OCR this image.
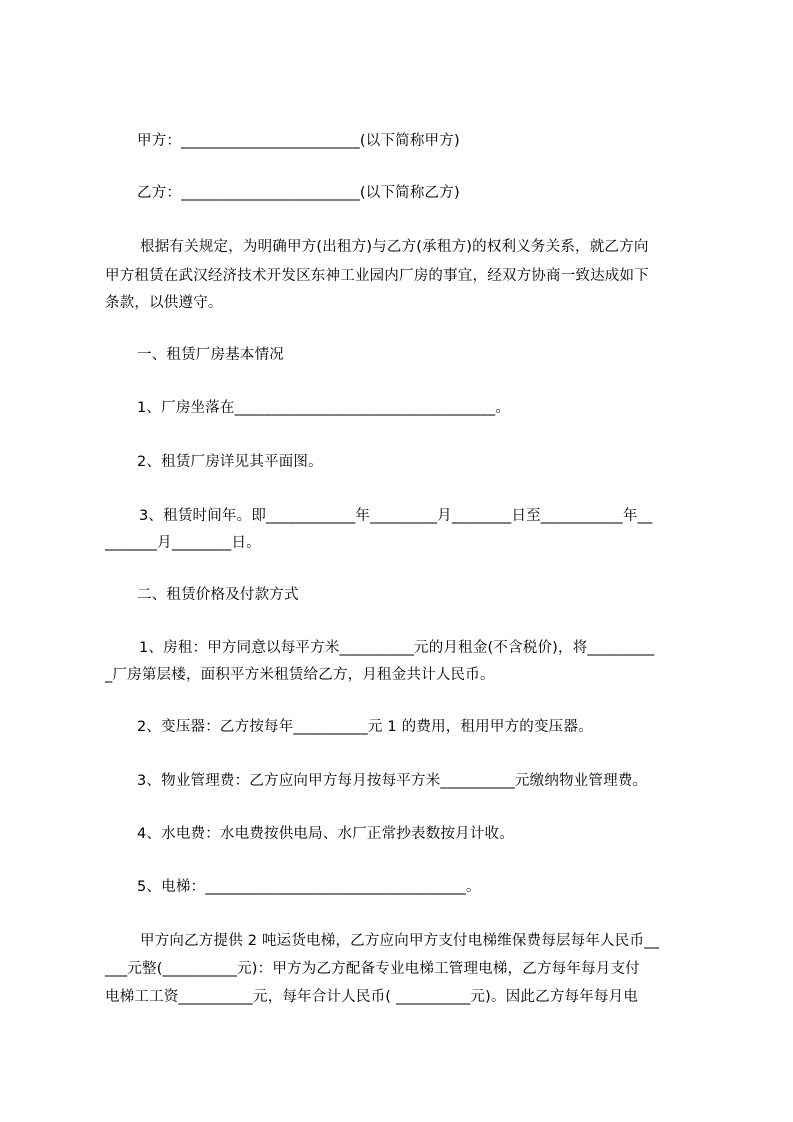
甲方：________________________(以下简称甲方)
乙方：________________________(以下简称乙方)
根据有关规定，为明确甲方(出租方)与乙方(承租方)的权利义务关系，就乙方向
甲方租赁在武汉经济技术开发区东神工业园内厂房的事宜，经双方协商一致达成如下
条款，以供遵守。
一、租赁厂房基本情况
1、厂房坐落在___________________________________。
2、租赁厂房详见其平面图。
3、租赁时间年。即____________年_________月________日至___________年__
_______月________日。
二、租赁价格及付款方式
1、房租：甲方同意以每平方米__________元的月租金(不含税价)，将_________
_厂房第层楼，面积平方米租赁给乙方，月租金共计人民币。
2、变压器：乙方按每年__________元 1 的费用，租用甲方的变压器。
3、物业管理费：乙方应向甲方每月按每平方米__________元缴纳物业管理费。
4、水电费：水电费按供电局、水厂正常抄表数按月计收。
5、电梯：___________________________________。
甲方向乙方提供 2 吨运货电梯，乙方应向甲方支付电梯维保费每层每年人民币__
___元整(__________元)：甲方为乙方配备专业电梯工管理电梯，乙方每年每月支付
电梯工工资__________元，每年合计人民币( __________元)。因此乙方每年每月电
